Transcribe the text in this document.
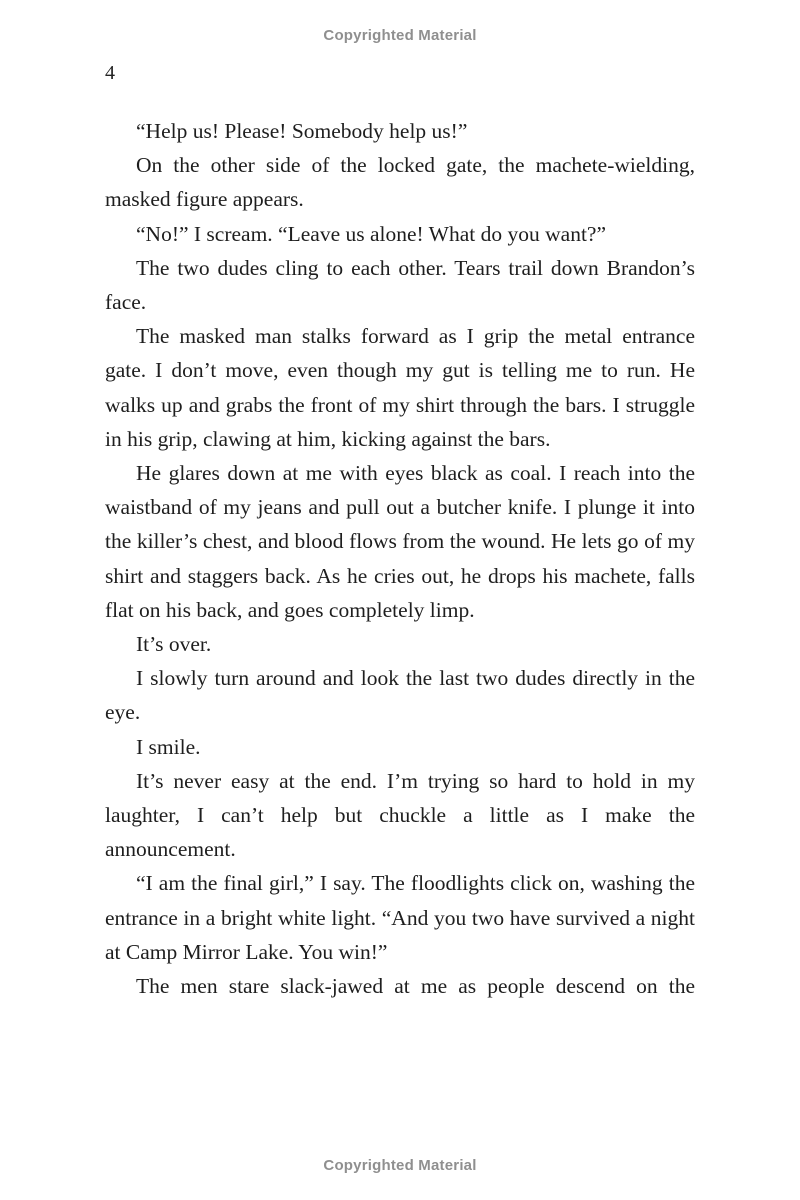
Copyrighted Material
4

“Help us! Please! Somebody help us!”

On the other side of the locked gate, the machete-wielding, masked figure appears.

“No!” I scream. “Leave us alone! What do you want?”

The two dudes cling to each other. Tears trail down Brandon’s face.

The masked man stalks forward as I grip the metal entrance gate. I don’t move, even though my gut is telling me to run. He walks up and grabs the front of my shirt through the bars. I struggle in his grip, clawing at him, kicking against the bars.

He glares down at me with eyes black as coal. I reach into the waistband of my jeans and pull out a butcher knife. I plunge it into the killer’s chest, and blood flows from the wound. He lets go of my shirt and staggers back. As he cries out, he drops his machete, falls flat on his back, and goes completely limp.

It’s over.

I slowly turn around and look the last two dudes directly in the eye.

I smile.

It’s never easy at the end. I’m trying so hard to hold in my laughter, I can’t help but chuckle a little as I make the announcement.

“I am the final girl,” I say. The floodlights click on, washing the entrance in a bright white light. “And you two have survived a night at Camp Mirror Lake. You win!”

The men stare slack-jawed at me as people descend on the

Copyrighted Material
